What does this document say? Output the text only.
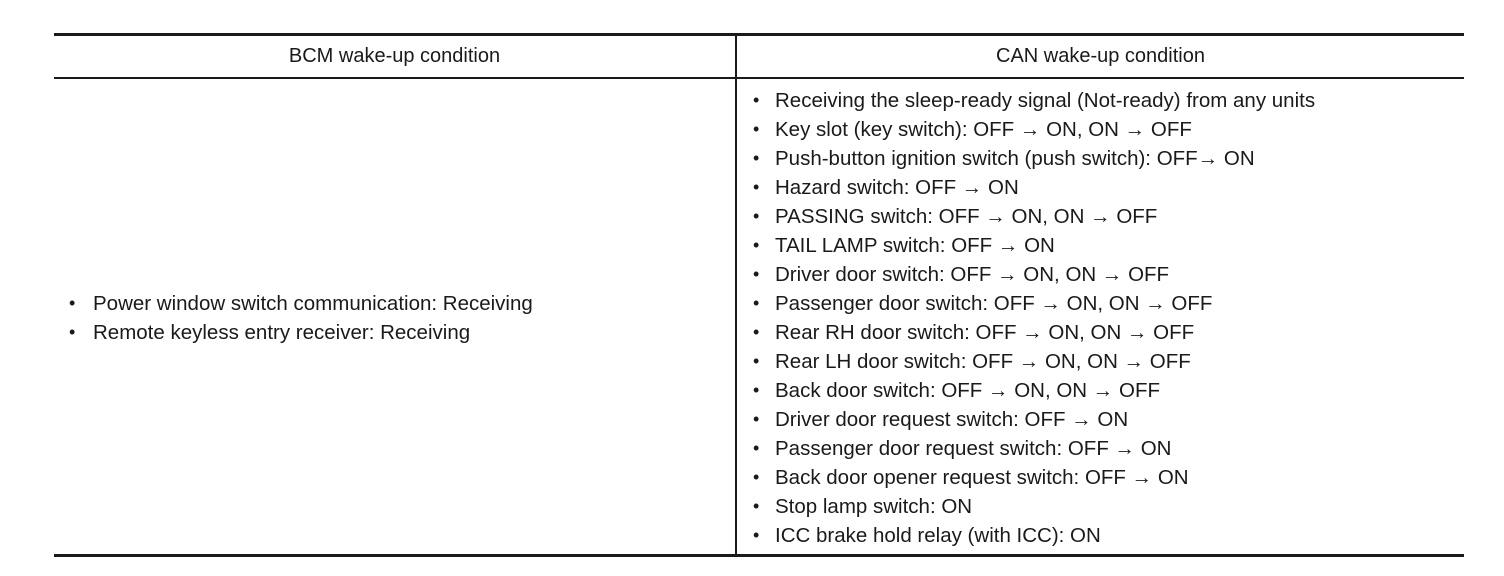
BCM wake-up condition	CAN wake-up condition
• Power window switch communication: Receiving
• Remote keyless entry receiver: Receiving
• Receiving the sleep-ready signal (Not-ready) from any units
• Key slot (key switch): OFF → ON, ON → OFF
• Push-button ignition switch (push switch): OFF→ ON
• Hazard switch: OFF → ON
• PASSING switch: OFF → ON, ON → OFF
• TAIL LAMP switch: OFF → ON
• Driver door switch: OFF → ON, ON → OFF
• Passenger door switch: OFF → ON, ON → OFF
• Rear RH door switch: OFF → ON, ON → OFF
• Rear LH door switch: OFF → ON, ON → OFF
• Back door switch: OFF → ON, ON → OFF
• Driver door request switch: OFF → ON
• Passenger door request switch: OFF → ON
• Back door opener request switch: OFF → ON
• Stop lamp switch: ON
• ICC brake hold relay (with ICC): ON
